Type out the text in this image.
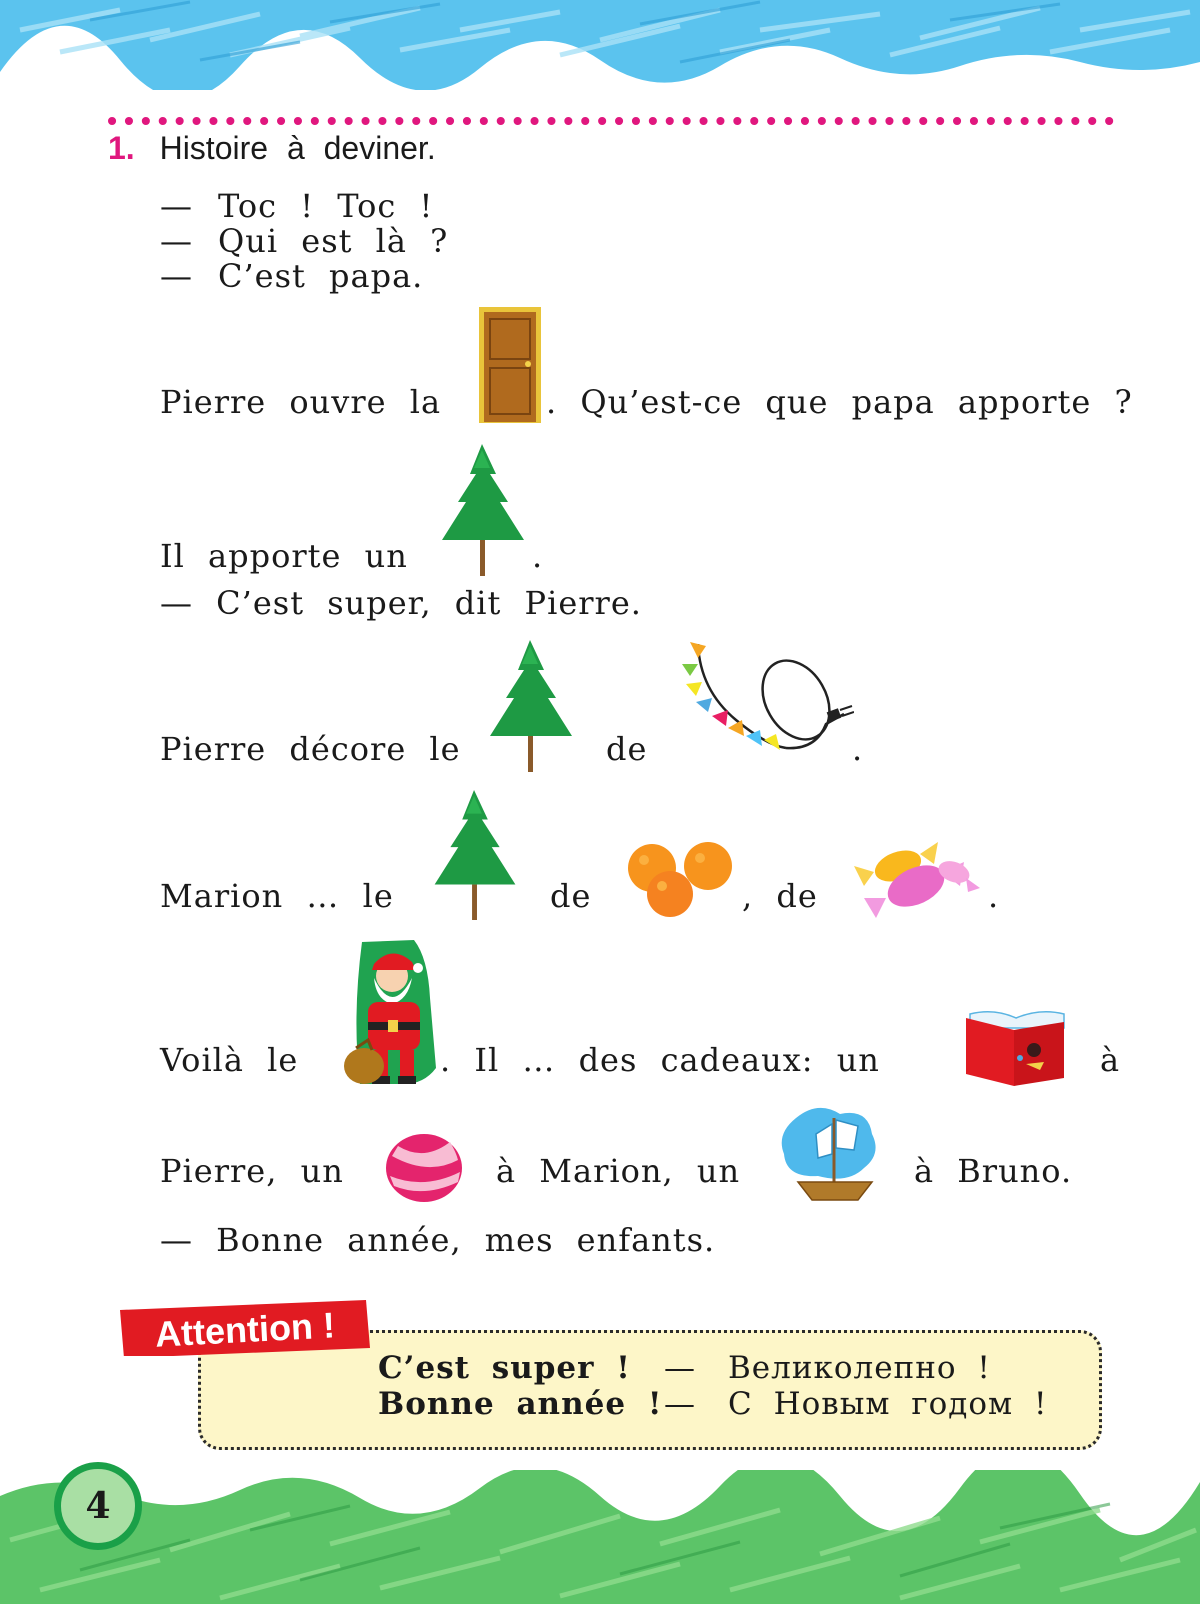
1. Histoire à deviner.
— Toc ! Toc !
— Qui est là ?
— C’est papa.
Pierre ouvre la	. Qu’est-ce que papa apporte ?
Il apporte un	.
— C’est super, dit Pierre.
Pierre décore le	de	.
Marion … le	de	, de	.
Voilà le	. Il … des cadeaux: un	à
Pierre, un	à Marion, un	à Bruno.
— Bonne année, mes enfants.
Attention !
C’est super ! — Великолепно !
Bonne année ! — С Новым годом !
4
